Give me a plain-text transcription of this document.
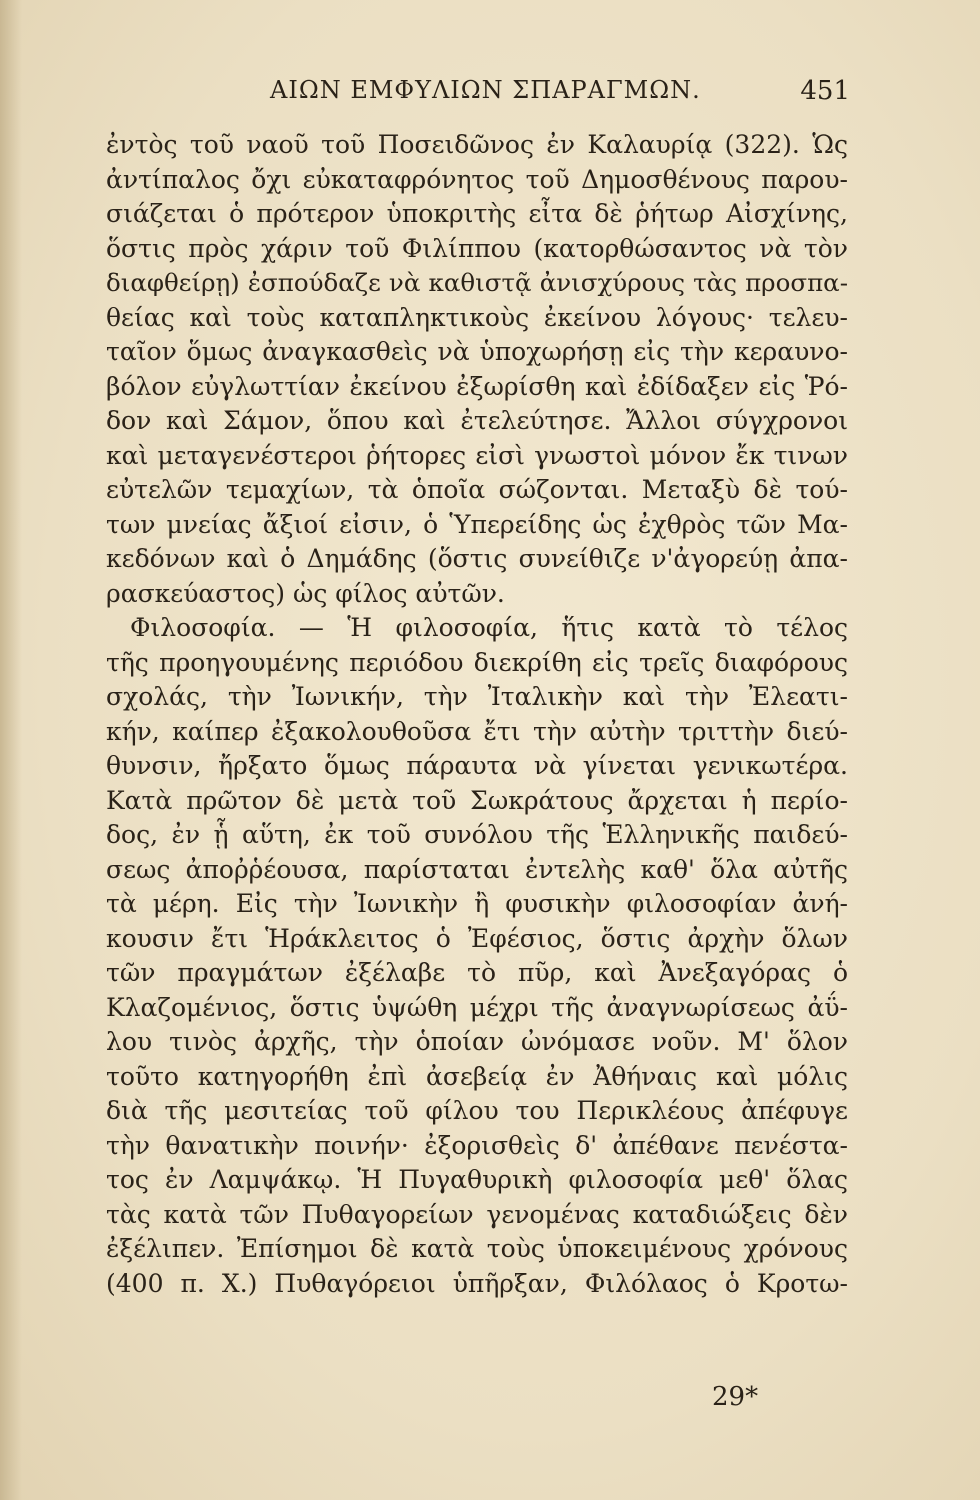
ΑΙΩΝ ΕΜΦΥΛΙΩΝ ΣΠΑΡΑΓΜΩΝ.	451
ἐντὸς τοῦ ναοῦ τοῦ Ποσειδῶνος ἐν Καλαυρίᾳ (322). Ὡς
ἀντίπαλος ὄχι εὐκαταφρόνητος τοῦ Δημοσθένους παρου-
σιάζεται ὁ πρότερον ὑποκριτὴς εἶτα δὲ ῥήτωρ Αἰσχίνης,
ὅστις πρὸς χάριν τοῦ Φιλίππου (κατορθώσαντος νὰ τὸν
διαφθείρῃ) ἐσπούδαζε νὰ καθιστᾷ ἀνισχύρους τὰς προσπα-
θείας καὶ τοὺς καταπληκτικοὺς ἐκείνου λόγους· τελευ-
ταῖον ὅμως ἀναγκασθεὶς νὰ ὑποχωρήσῃ εἰς τὴν κεραυνο-
βόλον εὐγλωττίαν ἐκείνου ἐξωρίσθη καὶ ἐδίδαξεν εἰς Ῥό-
δον καὶ Σάμον, ὅπου καὶ ἐτελεύτησε. Ἄλλοι σύγχρονοι
καὶ μεταγενέστεροι ῥήτορες εἰσὶ γνωστοὶ μόνον ἔκ τινων
εὐτελῶν τεμαχίων, τὰ ὁποῖα σώζονται. Μεταξὺ δὲ τού-
των μνείας ἄξιοί εἰσιν, ὁ Ὑπερείδης ὡς ἐχθρὸς τῶν Μα-
κεδόνων καὶ ὁ Δημάδης (ὅστις συνείθιζε ν'ἀγορεύῃ ἀπα-
ρασκεύαστος) ὡς φίλος αὐτῶν.
Φιλοσοφία. — Ἡ φιλοσοφία, ἥτις κατὰ τὸ τέλος
τῆς προηγουμένης περιόδου διεκρίθη εἰς τρεῖς διαφόρους
σχολάς, τὴν Ἰωνικήν, τὴν Ἰταλικὴν καὶ τὴν Ἐλεατι-
κήν, καίπερ ἐξακολουθοῦσα ἔτι τὴν αὐτὴν τριττὴν διεύ-
θυνσιν, ἤρξατο ὅμως πάραυτα νὰ γίνεται γενικωτέρα.
Κατὰ πρῶτον δὲ μετὰ τοῦ Σωκράτους ἄρχεται ἡ περίο-
δος, ἐν ᾗ αὕτη, ἐκ τοῦ συνόλου τῆς Ἑλληνικῆς παιδεύ-
σεως ἀποῤῥέουσα, παρίσταται ἐντελὴς καθ' ὅλα αὐτῆς
τὰ μέρη. Εἰς τὴν Ἰωνικὴν ἢ φυσικὴν φιλοσοφίαν ἀνή-
κουσιν ἔτι Ἡράκλειτος ὁ Ἐφέσιος, ὅστις ἀρχὴν ὅλων
τῶν πραγμάτων ἐξέλαβε τὸ πῦρ, καὶ Ἀνεξαγόρας ὁ
Κλαζομένιος, ὅστις ὑψώθη μέχρι τῆς ἀναγνωρίσεως ἀΰ-
λου τινὸς ἀρχῆς, τὴν ὁποίαν ὠνόμασε νοῦν. Μ' ὅλον
τοῦτο κατηγορήθη ἐπὶ ἀσεβείᾳ ἐν Ἀθήναις καὶ μόλις
διὰ τῆς μεσιτείας τοῦ φίλου του Περικλέους ἀπέφυγε
τὴν θανατικὴν ποινήν· ἐξορισθεὶς δ' ἀπέθανε πενέστα-
τος ἐν Λαμψάκῳ. Ἡ Πυγαθυρικὴ φιλοσοφία μεθ' ὅλας
τὰς κατὰ τῶν Πυθαγορείων γενομένας καταδιώξεις δὲν
ἐξέλιπεν. Ἐπίσημοι δὲ κατὰ τοὺς ὑποκειμένους χρόνους
(400 π. Χ.) Πυθαγόρειοι ὑπῆρξαν, Φιλόλαος ὁ Κροτω-
29*
